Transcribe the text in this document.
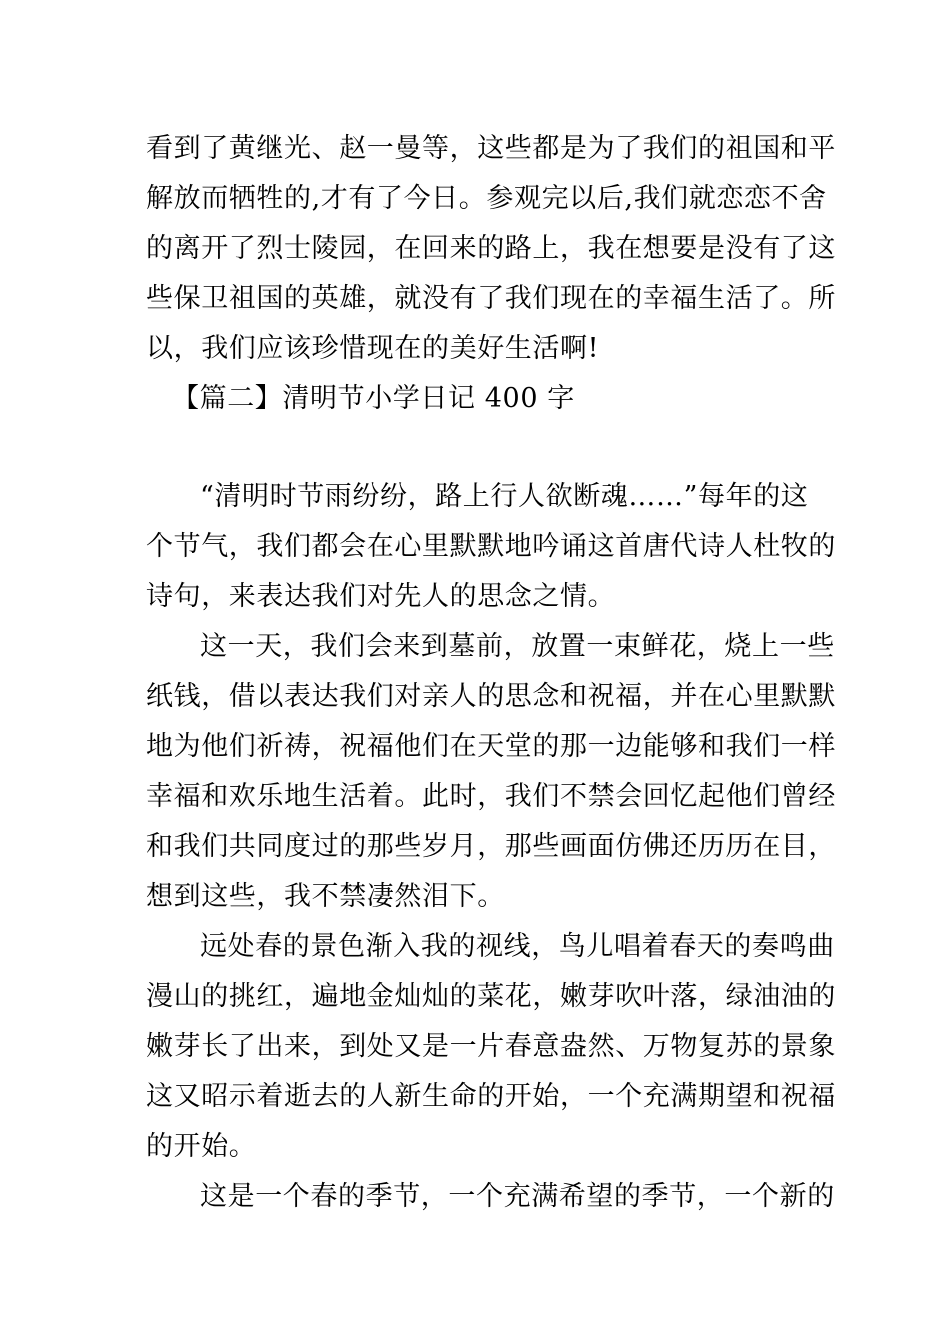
看到了黄继光、赵一曼等，这些都是为了我们的祖国和平
解放而牺牲的,才有了今日。参观完以后,我们就恋恋不舍
的离开了烈士陵园，在回来的路上，我在想要是没有了这
些保卫祖国的英雄，就没有了我们现在的幸福生活了。所
以，我们应该珍惜现在的美好生活啊!
【篇二】清明节小学日记 400 字
“清明时节雨纷纷，路上行人欲断魂……”每年的这
个节气，我们都会在心里默默地吟诵这首唐代诗人杜牧的
诗句，来表达我们对先人的思念之情。
这一天，我们会来到墓前，放置一束鲜花，烧上一些
纸钱，借以表达我们对亲人的思念和祝福，并在心里默默
地为他们祈祷，祝福他们在天堂的那一边能够和我们一样
幸福和欢乐地生活着。此时，我们不禁会回忆起他们曾经
和我们共同度过的那些岁月，那些画面仿佛还历历在目，
想到这些，我不禁凄然泪下。
远处春的景色渐入我的视线，鸟儿唱着春天的奏鸣曲
漫山的挑红，遍地金灿灿的菜花，嫩芽吹叶落，绿油油的
嫩芽长了出来，到处又是一片春意盎然、万物复苏的景象
这又昭示着逝去的人新生命的开始，一个充满期望和祝福
的开始。
这是一个春的季节，一个充满希望的季节，一个新的
